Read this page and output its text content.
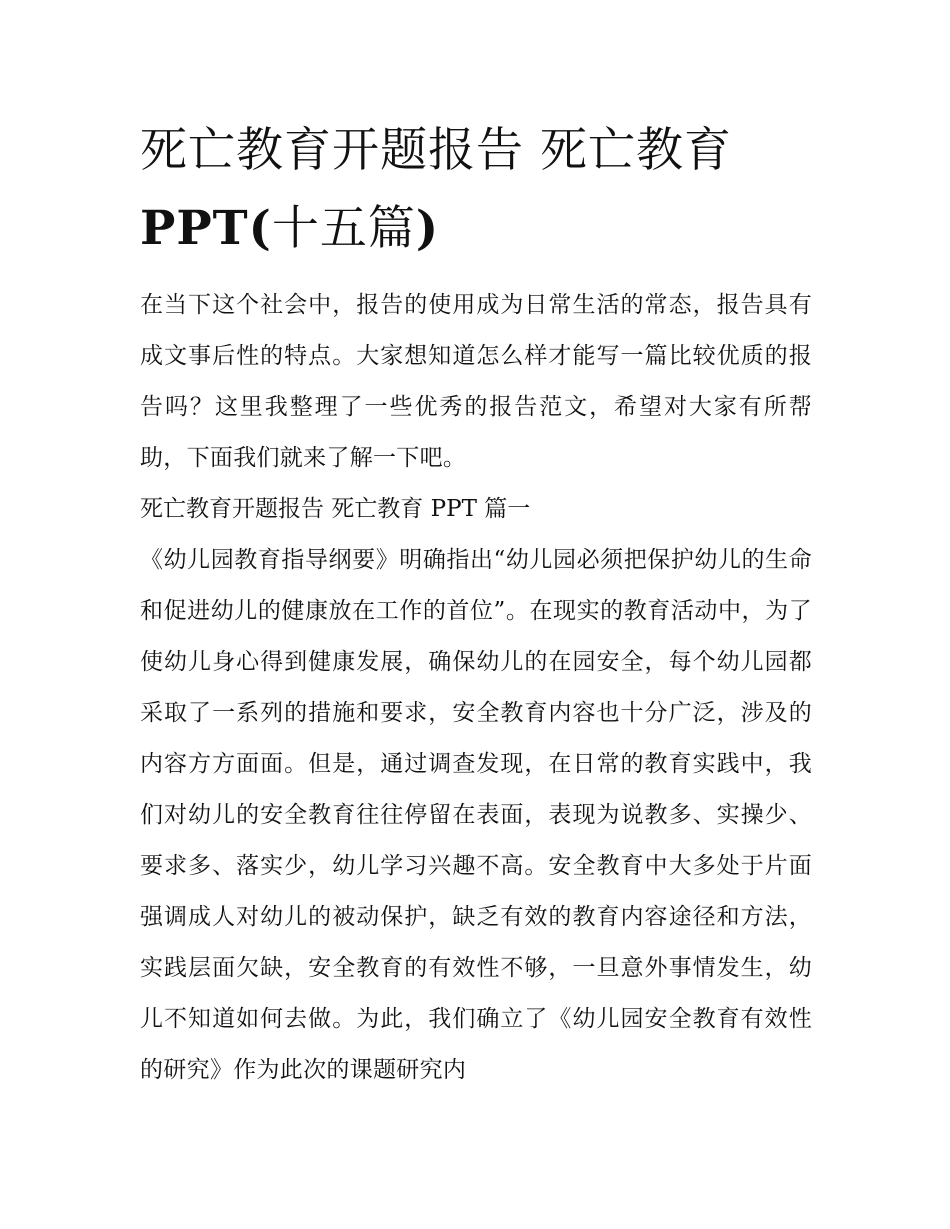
死亡教育开题报告 死亡教育
PPT(十五篇)

在当下这个社会中，报告的使用成为日常生活的常态，报告具有成文事后性的特点。大家想知道怎么样才能写一篇比较优质的报告吗？这里我整理了一些优秀的报告范文，希望对大家有所帮助，下面我们就来了解一下吧。

死亡教育开题报告 死亡教育 PPT 篇一

《幼儿园教育指导纲要》明确指出“幼儿园必须把保护幼儿的生命和促进幼儿的健康放在工作的首位”。在现实的教育活动中，为了使幼儿身心得到健康发展，确保幼儿的在园安全，每个幼儿园都采取了一系列的措施和要求，安全教育内容也十分广泛，涉及的内容方方面面。但是，通过调查发现，在日常的教育实践中，我们对幼儿的安全教育往往停留在表面，表现为说教多、实操少、要求多、落实少，幼儿学习兴趣不高。安全教育中大多处于片面强调成人对幼儿的被动保护，缺乏有效的教育内容途径和方法，实践层面欠缺，安全教育的有效性不够，一旦意外事情发生，幼儿不知道如何去做。为此，我们确立了《幼儿园安全教育有效性的研究》作为此次的课题研究内
